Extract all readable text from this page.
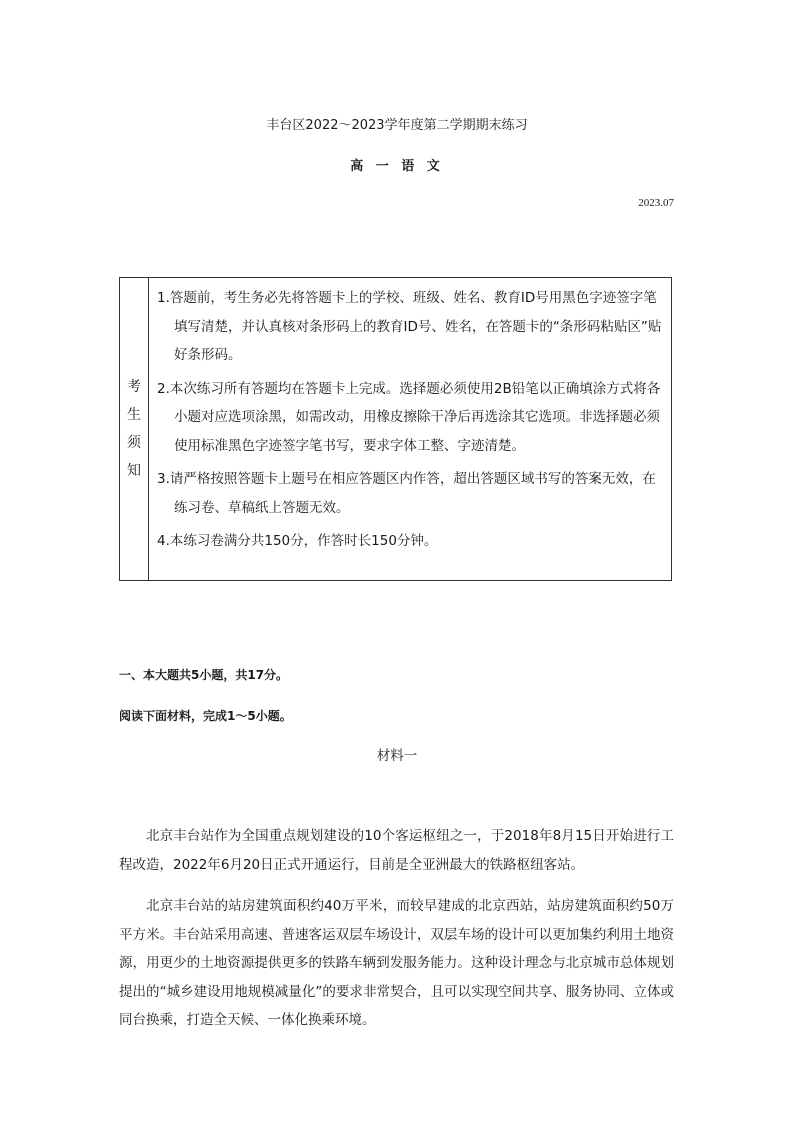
丰台区2022～2023学年度第二学期期末练习
高 一 语 文
2023.07
考
生
须
知
1.答题前，考生务必先将答题卡上的学校、班级、姓名、教育ID号用黑色字迹签字笔填写清楚，并认真核对条形码上的教育ID号、姓名，在答题卡的“条形码粘贴区”贴好条形码。
2.本次练习所有答题均在答题卡上完成。选择题必须使用2B铅笔以正确填涂方式将各小题对应选项涂黑，如需改动，用橡皮擦除干净后再选涂其它选项。非选择题必须使用标准黑色字迹签字笔书写，要求字体工整、字迹清楚。
3.请严格按照答题卡上题号在相应答题区内作答，超出答题区域书写的答案无效，在练习卷、草稿纸上答题无效。
4.本练习卷满分共150分，作答时长150分钟。
一、本大题共5小题，共17分。
阅读下面材料，完成1～5小题。
材料一
北京丰台站作为全国重点规划建设的10个客运枢纽之一，于2018年8月15日开始进行工程改造，2022年6月20日正式开通运行，目前是全亚洲最大的铁路枢纽客站。
北京丰台站的站房建筑面积约40万平米，而较早建成的北京西站，站房建筑面积约50万平方米。丰台站采用高速、普速客运双层车场设计，双层车场的设计可以更加集约利用土地资源，用更少的土地资源提供更多的铁路车辆到发服务能力。这种设计理念与北京城市总体规划提出的“城乡建设用地规模减量化”的要求非常契合，且可以实现空间共享、服务协同、立体或同台换乘，打造全天候、一体化换乘环境。
